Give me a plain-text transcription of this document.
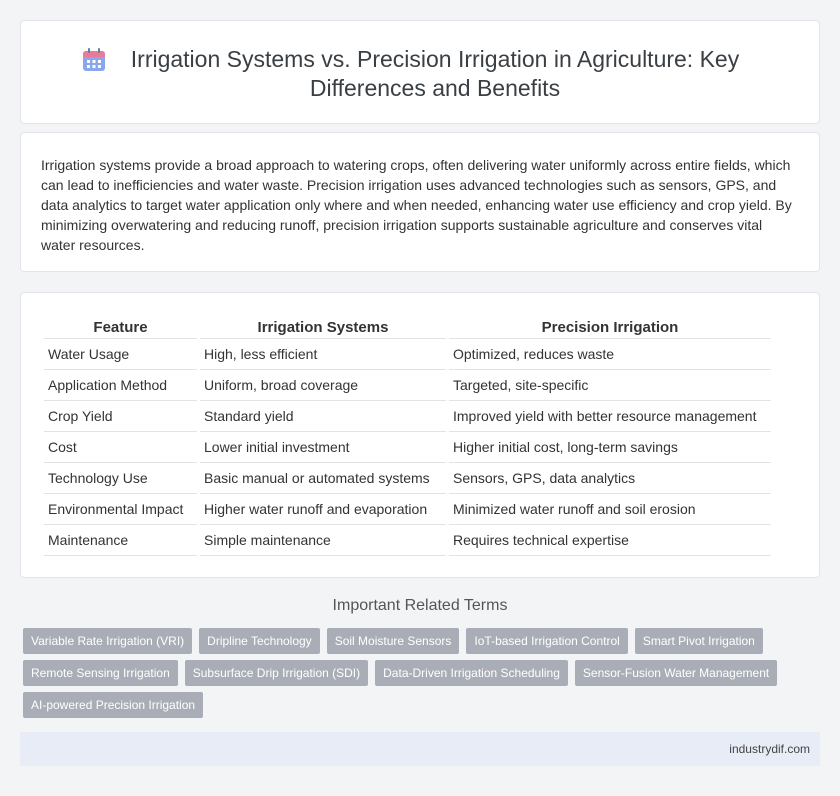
Irrigation Systems vs. Precision Irrigation in Agriculture: Key Differences and Benefits
Irrigation systems provide a broad approach to watering crops, often delivering water uniformly across entire fields, which can lead to inefficiencies and water waste. Precision irrigation uses advanced technologies such as sensors, GPS, and data analytics to target water application only where and when needed, enhancing water use efficiency and crop yield. By minimizing overwatering and reducing runoff, precision irrigation supports sustainable agriculture and conserves vital water resources.
Feature	Irrigation Systems	Precision Irrigation
Water Usage	High, less efficient	Optimized, reduces waste
Application Method	Uniform, broad coverage	Targeted, site-specific
Crop Yield	Standard yield	Improved yield with better resource management
Cost	Lower initial investment	Higher initial cost, long-term savings
Technology Use	Basic manual or automated systems	Sensors, GPS, data analytics
Environmental Impact	Higher water runoff and evaporation	Minimized water runoff and soil erosion
Maintenance	Simple maintenance	Requires technical expertise
Important Related Terms
Variable Rate Irrigation (VRI)	Dripline Technology	Soil Moisture Sensors	IoT-based Irrigation Control	Smart Pivot Irrigation
Remote Sensing Irrigation	Subsurface Drip Irrigation (SDI)	Data-Driven Irrigation Scheduling	Sensor-Fusion Water Management
AI-powered Precision Irrigation
industrydif.com
